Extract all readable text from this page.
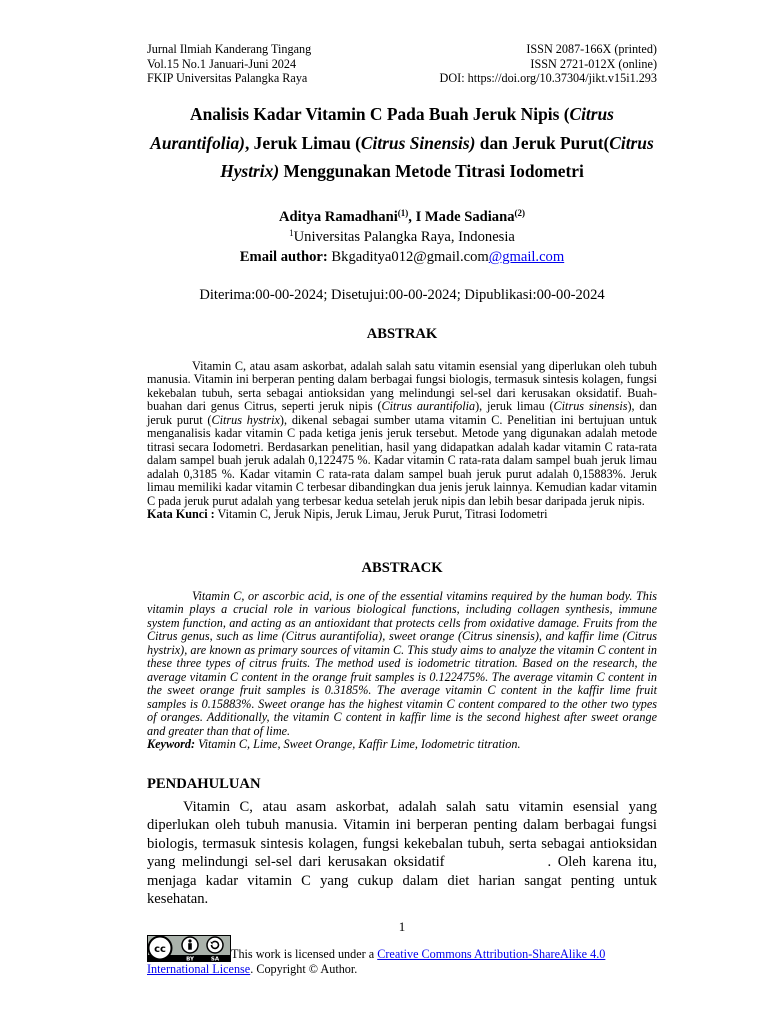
Jurnal Ilmiah Kanderang Tingang	ISSN 2087-166X (printed)
Vol.15 No.1 Januari-Juni 2024	ISSN 2721-012X (online)
FKIP Universitas Palangka Raya	DOI: https://doi.org/10.37304/jikt.v15i1.293
Analisis Kadar Vitamin C Pada Buah Jeruk Nipis (Citrus Aurantifolia), Jeruk Limau (Citrus Sinensis) dan Jeruk Purut(Citrus Hystrix) Menggunakan Metode Titrasi Iodometri
Aditya Ramadhani$^{(1)}$, I Made Sadiana$^{(2)}$
$^1$Universitas Palangka Raya, Indonesia
Email author: Bkgaditya012@gmail.com@gmail.com
Diterima:00-00-2024; Disetujui:00-00-2024; Dipublikasi:00-00-2024
ABSTRAK

Vitamin C, atau asam askorbat, adalah salah satu vitamin esensial yang diperlukan oleh tubuh manusia. Vitamin ini berperan penting dalam berbagai fungsi biologis, termasuk sintesis kolagen, fungsi kekebalan tubuh, serta sebagai antioksidan yang melindungi sel-sel dari kerusakan oksidatif. Buah-buahan dari genus Citrus, seperti jeruk nipis (Citrus aurantifolia), jeruk limau (Citrus sinensis), dan jeruk purut (Citrus hystrix), dikenal sebagai sumber utama vitamin C. Penelitian ini bertujuan untuk menganalisis kadar vitamin C pada ketiga jenis jeruk tersebut. Metode yang digunakan adalah metode titrasi secara Iodometri. Berdasarkan penelitian, hasil yang didapatkan adalah kadar vitamin C rata-rata dalam sampel buah jeruk adalah 0,122475 %. Kadar vitamin C rata-rata dalam sampel buah jeruk limau adalah 0,3185 %. Kadar vitamin C rata-rata dalam sampel buah jeruk purut adalah 0,15883%. Jeruk limau memiliki kadar vitamin C terbesar dibandingkan dua jenis jeruk lainnya. Kemudian kadar vitamin C pada jeruk purut adalah yang terbesar kedua setelah jeruk nipis dan lebih besar daripada jeruk nipis.

Kata Kunci : Vitamin C, Jeruk Nipis, Jeruk Limau, Jeruk Purut, Titrasi Iodometri

ABSTRACK

Vitamin C, or ascorbic acid, is one of the essential vitamins required by the human body. This vitamin plays a crucial role in various biological functions, including collagen synthesis, immune system function, and acting as an antioxidant that protects cells from oxidative damage. Fruits from the Citrus genus, such as lime (Citrus aurantifolia), sweet orange (Citrus sinensis), and kaffir lime (Citrus hystrix), are known as primary sources of vitamin C. This study aims to analyze the vitamin C content in these three types of citrus fruits. The method used is iodometric titration. Based on the research, the average vitamin C content in the orange fruit samples is 0.122475%. The average vitamin C content in the sweet orange fruit samples is 0.3185%. The average vitamin C content in the kaffir lime fruit samples is 0.15883%. Sweet orange has the highest vitamin C content compared to the other two types of oranges. Additionally, the vitamin C content in kaffir lime is the second highest after sweet orange and greater than that of lime.

Keyword: Vitamin C, Lime, Sweet Orange, Kaffir Lime, Iodometric titration.

PENDAHULUAN

Vitamin C, atau asam askorbat, adalah salah satu vitamin esensial yang diperlukan oleh tubuh manusia. Vitamin ini berperan penting dalam berbagai fungsi biologis, termasuk sintesis kolagen, fungsi kekebalan tubuh, serta sebagai antioksidan yang melindungi sel-sel dari kerusakan oksidatif	. Oleh karena itu, menjaga kadar vitamin C yang cukup dalam diet harian sangat penting untuk kesehatan.

1
cc
BY	SA This work is licensed under a Creative Commons Attribution-ShareAlike 4.0 International License. Copyright © Author.
